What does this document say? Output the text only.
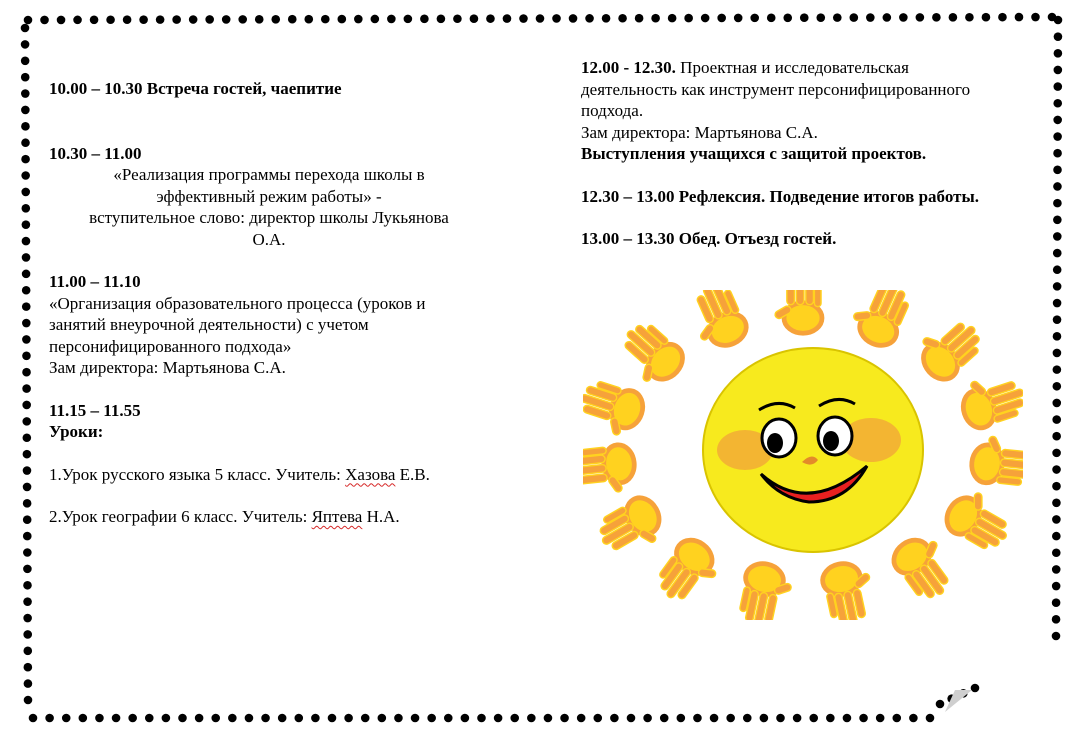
10.00 – 10.30 Встреча гостей, чаепитие

10.30 – 11.00

«Реализация программы перехода школы в

эффективный режим работы» -

вступительное слово: директор школы Лукьянова

О.А.

11.00 – 11.10

«Организация образовательного процесса (уроков и

занятий внеурочной деятельности) с учетом

персонифицированного подхода»

Зам директора: Мартьянова С.А.

11.15 – 11.55

Уроки:

1.Урок русского языка 5 класс. Учитель: Хазова Е.В.

2.Урок географии 6 класс. Учитель: Яптева Н.А.

12.00 - 12.30. Проектная и исследовательская

деятельность как инструмент персонифицированного

подхода.

Зам директора: Мартьянова С.А.

Выступления учащихся с защитой проектов.

12.30 – 13.00 Рефлексия. Подведение итогов работы.

13.00 – 13.30 Обед. Отъезд гостей.
